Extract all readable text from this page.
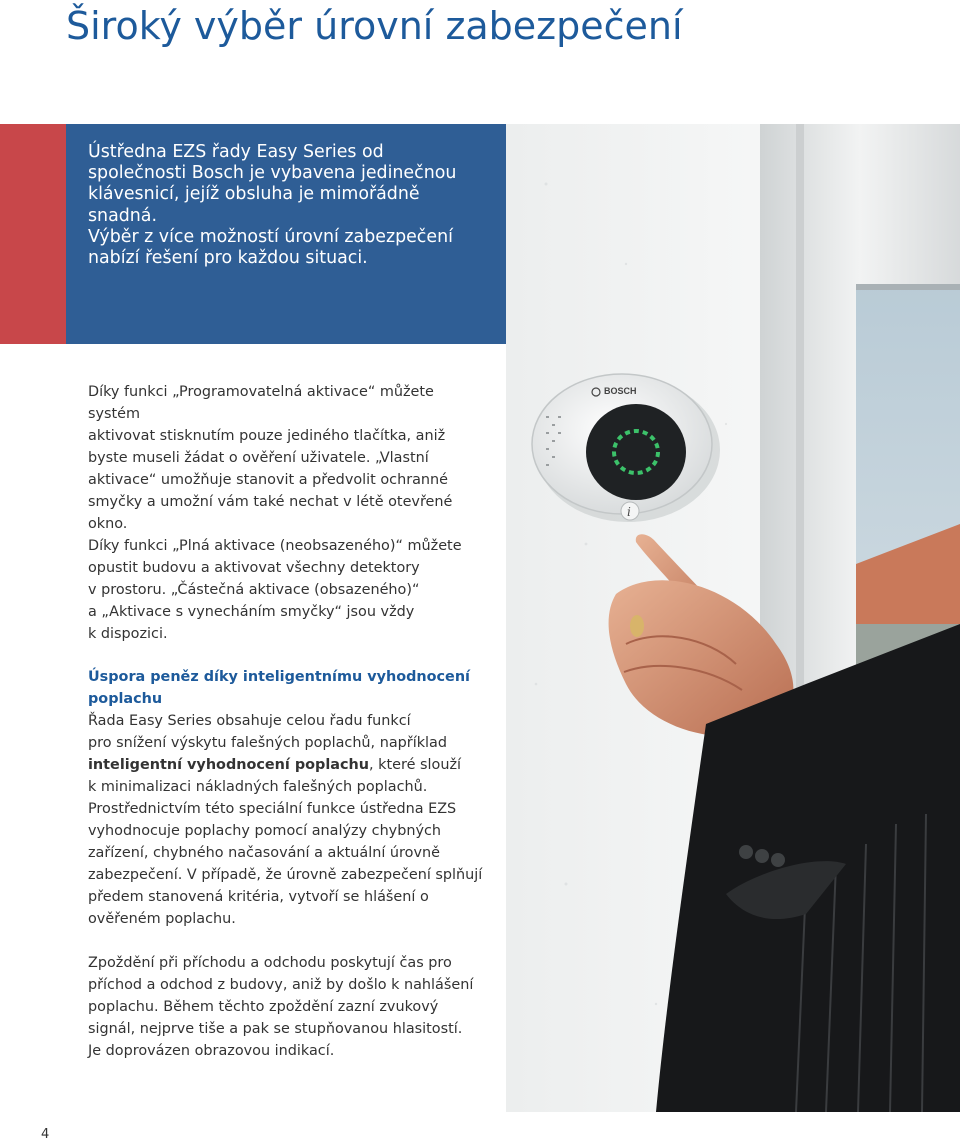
Široký výběr úrovní zabezpečení

Ústředna EZS řady Easy Series od
společnosti Bosch je vybavena jedinečnou
klávesnicí, jejíž obsluha je mimořádně
snadná.
Výběr z více možností úrovní zabezpečení
nabízí řešení pro každou situaci.

Díky funkci „Programovatelná aktivace“ můžete systém
aktivovat stisknutím pouze jediného tlačítka, aniž
byste museli žádat o ověření uživatele. „Vlastní
aktivace“ umožňuje stanovit a předvolit ochranné
smyčky a umožní vám také nechat v létě otevřené
okno.

Díky funkci „Plná aktivace (neobsazeného)“ můžete
opustit budovu a aktivovat všechny detektory
v prostoru. „Částečná aktivace (obsazeného)“
a „Aktivace s vynecháním smyčky“ jsou vždy
k dispozici.

Úspora peněz díky inteligentnímu vyhodnocení
poplachu
Řada Easy Series obsahuje celou řadu funkcí
pro snížení výskytu falešných poplachů, například
inteligentní vyhodnocení poplachu, které slouží
k minimalizaci nákladných falešných poplachů.
Prostřednictvím této speciální funkce ústředna EZS
vyhodnocuje poplachy pomocí analýzy chybných
zařízení, chybného načasování a aktuální úrovně
zabezpečení. V případě, že úrovně zabezpečení splňují
předem stanovená kritéria, vytvoří se hlášení o
ověřeném poplachu.

Zpoždění při příchodu a odchodu poskytují čas pro
příchod a odchod z budovy, aniž by došlo k nahlášení
poplachu. Během těchto zpoždění zazní zvukový
signál, nejprve tiše a pak se stupňovanou hlasitostí.
Je doprovázen obrazovou indikací.

BOSCH
i
4
